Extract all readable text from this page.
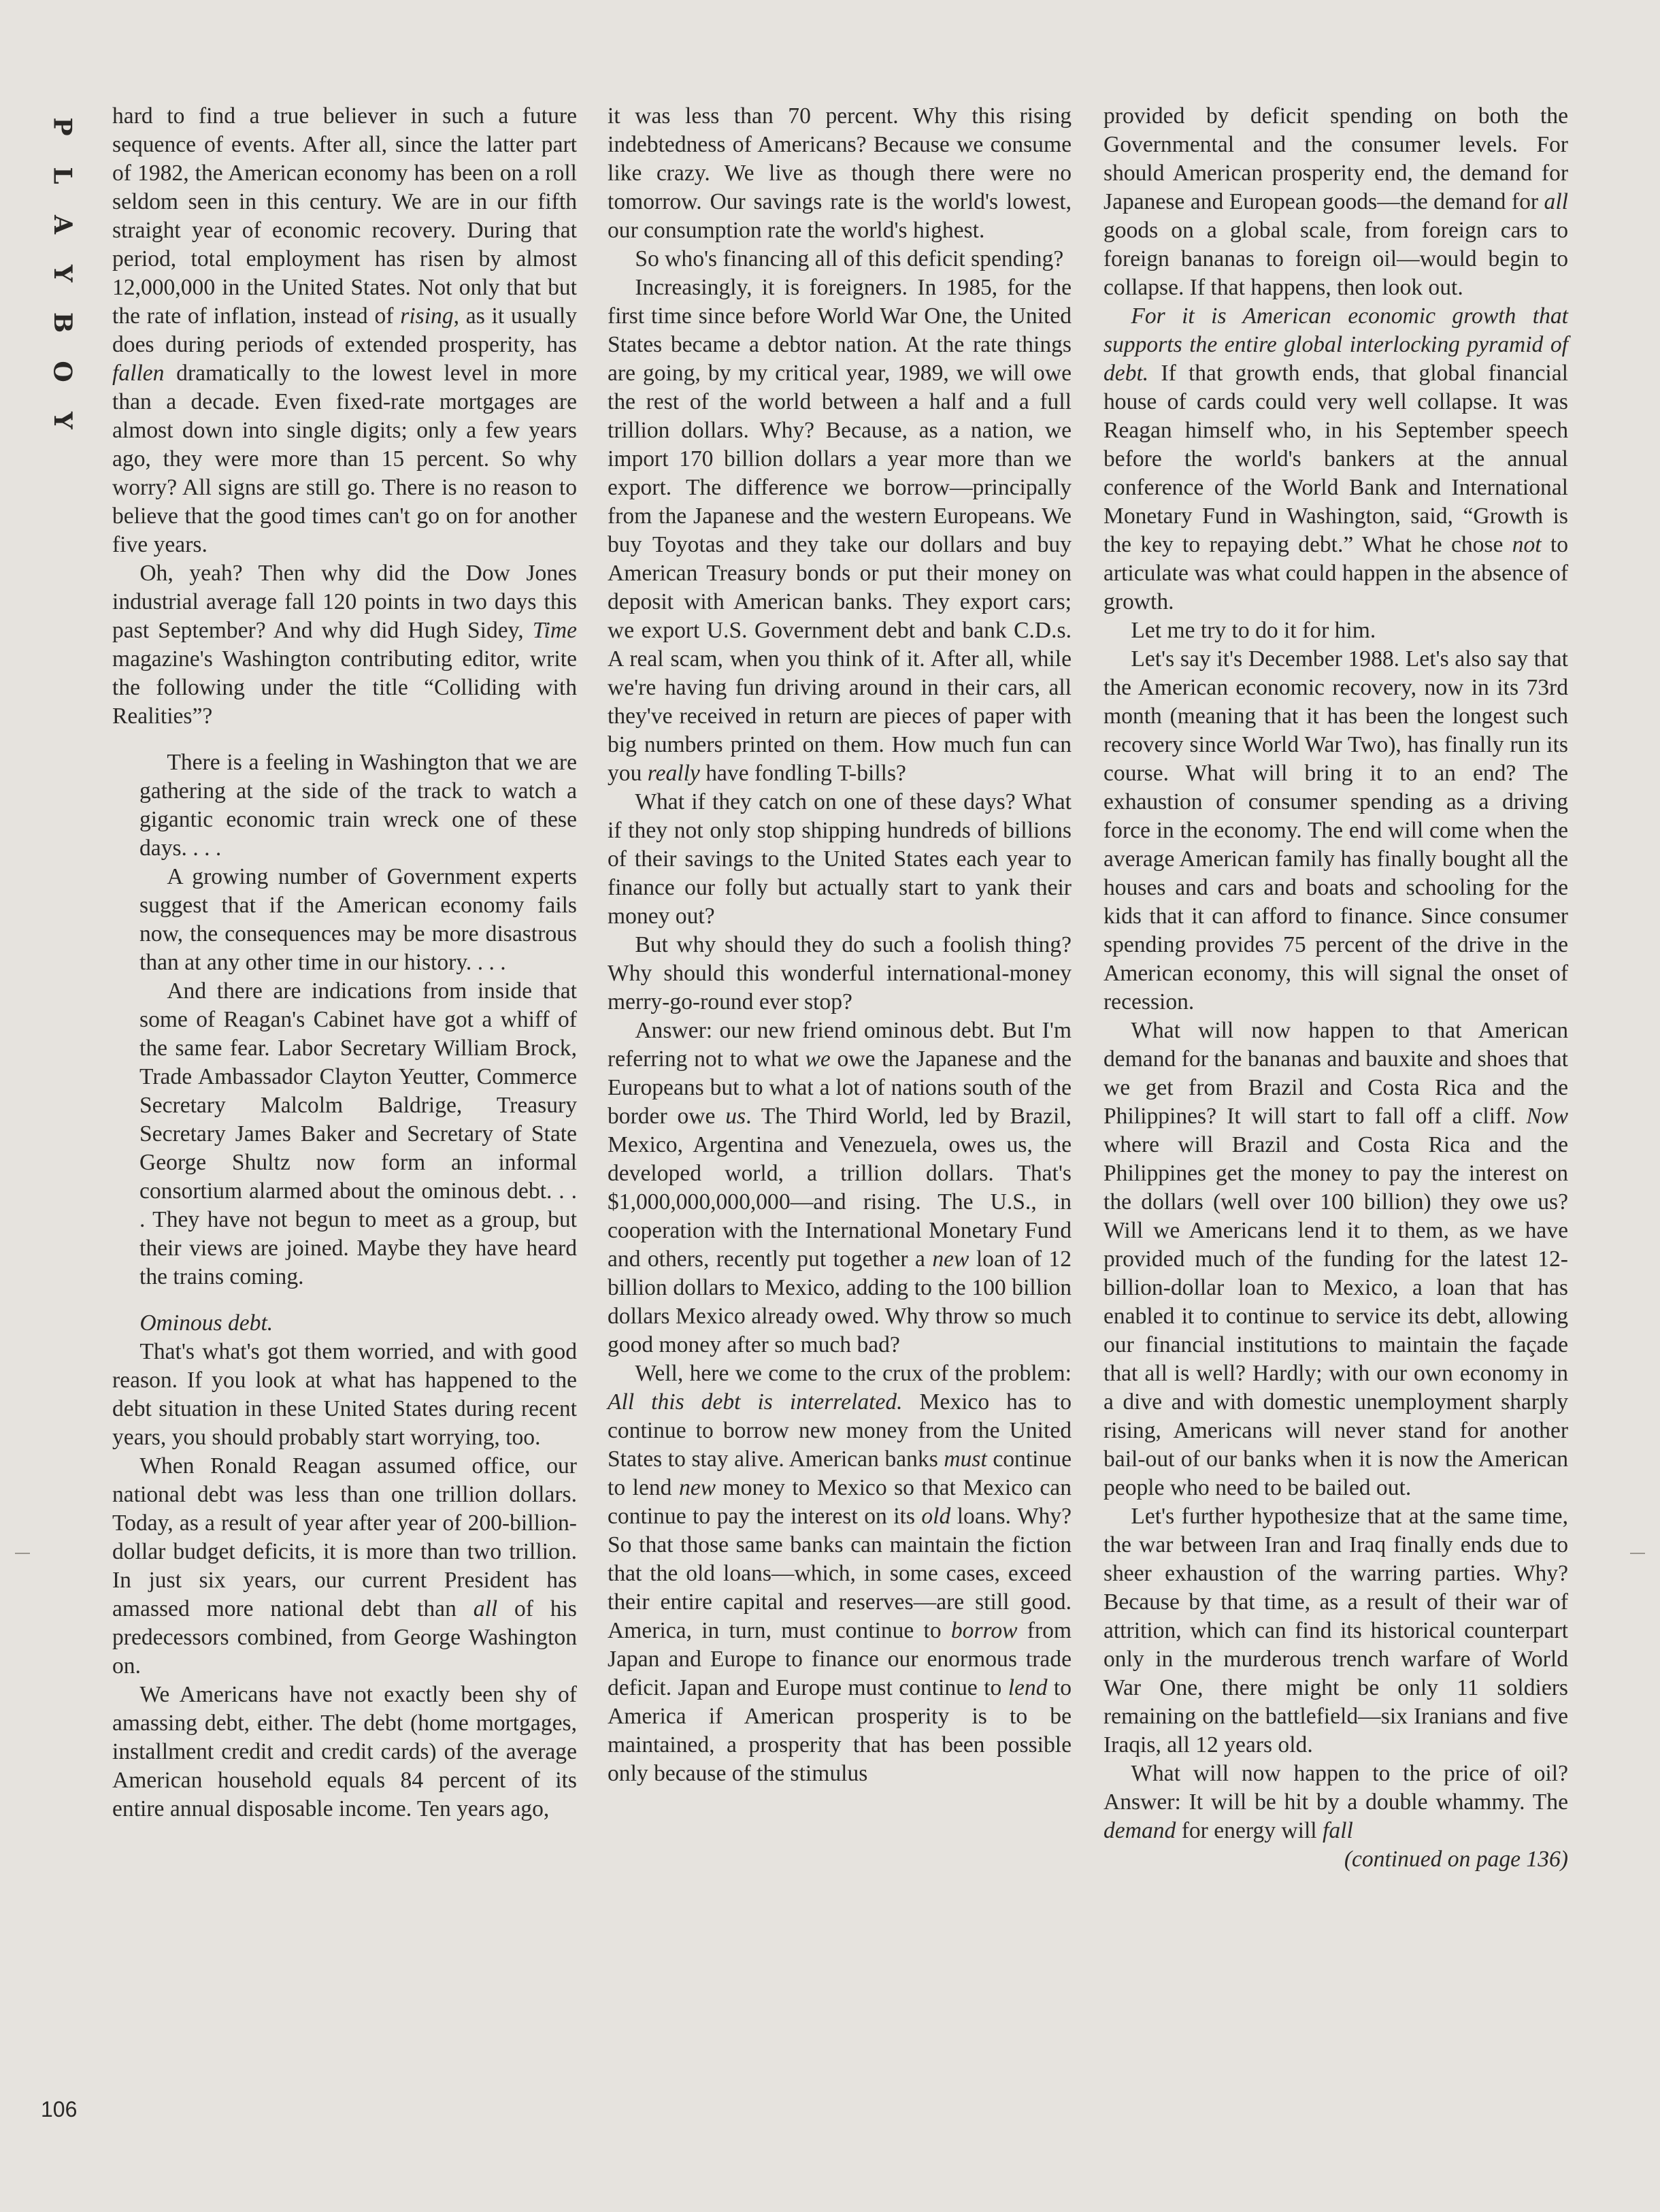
P
L
A
Y
B
O
Y

hard to find a true believer in such a future sequence of events. After all, since the latter part of 1982, the American economy has been on a roll seldom seen in this century. We are in our fifth straight year of economic recovery. During that period, total employment has risen by almost 12,000,000 in the United States. Not only that but the rate of inflation, instead of rising, as it usually does during periods of extended prosperity, has fallen dramatically to the lowest level in more than a decade. Even fixed-rate mortgages are almost down into single digits; only a few years ago, they were more than 15 percent. So why worry? All signs are still go. There is no reason to believe that the good times can't go on for another five years.

Oh, yeah? Then why did the Dow Jones industrial average fall 120 points in two days this past September? And why did Hugh Sidey, Time magazine's Washington contributing editor, write the following under the title “Colliding with Realities”?

There is a feeling in Washington that we are gathering at the side of the track to watch a gigantic economic train wreck one of these days. . . .

A growing number of Government experts suggest that if the American economy fails now, the consequences may be more disastrous than at any other time in our history. . . .

And there are indications from inside that some of Reagan's Cabinet have got a whiff of the same fear. Labor Secretary William Brock, Trade Ambassador Clayton Yeutter, Commerce Secretary Malcolm Baldrige, Treasury Secretary James Baker and Secretary of State George Shultz now form an informal consortium alarmed about the ominous debt. . . . They have not begun to meet as a group, but their views are joined. Maybe they have heard the trains coming.

Ominous debt.

That's what's got them worried, and with good reason. If you look at what has happened to the debt situation in these United States during recent years, you should probably start worrying, too.

When Ronald Reagan assumed office, our national debt was less than one trillion dollars. Today, as a result of year after year of 200-billion-dollar budget deficits, it is more than two trillion. In just six years, our current President has amassed more national debt than all of his predecessors combined, from George Washington on.

We Americans have not exactly been shy of amassing debt, either. The debt (home mortgages, installment credit and credit cards) of the average American household equals 84 percent of its entire annual disposable income. Ten years ago,

it was less than 70 percent. Why this rising indebtedness of Americans? Because we consume like crazy. We live as though there were no tomorrow. Our savings rate is the world's lowest, our consumption rate the world's highest.

So who's financing all of this deficit spending?

Increasingly, it is foreigners. In 1985, for the first time since before World War One, the United States became a debtor nation. At the rate things are going, by my critical year, 1989, we will owe the rest of the world between a half and a full trillion dollars. Why? Because, as a nation, we import 170 billion dollars a year more than we export. The difference we borrow—principally from the Japanese and the western Europeans. We buy Toyotas and they take our dollars and buy American Treasury bonds or put their money on deposit with American banks. They export cars; we export U.S. Government debt and bank C.D.s. A real scam, when you think of it. After all, while we're having fun driving around in their cars, all they've received in return are pieces of paper with big numbers printed on them. How much fun can you really have fondling T-bills?

What if they catch on one of these days? What if they not only stop shipping hundreds of billions of their savings to the United States each year to finance our folly but actually start to yank their money out?

But why should they do such a foolish thing? Why should this wonderful international-money merry-go-round ever stop?

Answer: our new friend ominous debt. But I'm referring not to what we owe the Japanese and the Europeans but to what a lot of nations south of the border owe us. The Third World, led by Brazil, Mexico, Argentina and Venezuela, owes us, the developed world, a trillion dollars. That's $1,000,000,000,000—and rising. The U.S., in cooperation with the International Monetary Fund and others, recently put together a new loan of 12 billion dollars to Mexico, adding to the 100 billion dollars Mexico already owed. Why throw so much good money after so much bad?

Well, here we come to the crux of the problem: All this debt is interrelated. Mexico has to continue to borrow new money from the United States to stay alive. American banks must continue to lend new money to Mexico so that Mexico can continue to pay the interest on its old loans. Why? So that those same banks can maintain the fiction that the old loans—which, in some cases, exceed their entire capital and reserves—are still good. America, in turn, must continue to borrow from Japan and Europe to finance our enormous trade deficit. Japan and Europe must continue to lend to America if American prosperity is to be maintained, a prosperity that has been possible only because of the stimulus

provided by deficit spending on both the Governmental and the consumer levels. For should American prosperity end, the demand for Japanese and European goods—the demand for all goods on a global scale, from foreign cars to foreign bananas to foreign oil—would begin to collapse. If that happens, then look out.

For it is American economic growth that supports the entire global interlocking pyramid of debt. If that growth ends, that global financial house of cards could very well collapse. It was Reagan himself who, in his September speech before the world's bankers at the annual conference of the World Bank and International Monetary Fund in Washington, said, “Growth is the key to repaying debt.” What he chose not to articulate was what could happen in the absence of growth.

Let me try to do it for him.

Let's say it's December 1988. Let's also say that the American economic recovery, now in its 73rd month (meaning that it has been the longest such recovery since World War Two), has finally run its course. What will bring it to an end? The exhaustion of consumer spending as a driving force in the economy. The end will come when the average American family has finally bought all the houses and cars and boats and schooling for the kids that it can afford to finance. Since consumer spending provides 75 percent of the drive in the American economy, this will signal the onset of recession.

What will now happen to that American demand for the bananas and bauxite and shoes that we get from Brazil and Costa Rica and the Philippines? It will start to fall off a cliff. Now where will Brazil and Costa Rica and the Philippines get the money to pay the interest on the dollars (well over 100 billion) they owe us? Will we Americans lend it to them, as we have provided much of the funding for the latest 12-billion-dollar loan to Mexico, a loan that has enabled it to continue to service its debt, allowing our financial institutions to maintain the façade that all is well? Hardly; with our own economy in a dive and with domestic unemployment sharply rising, Americans will never stand for another bail-out of our banks when it is now the American people who need to be bailed out.

Let's further hypothesize that at the same time, the war between Iran and Iraq finally ends due to sheer exhaustion of the warring parties. Why? Because by that time, as a result of their war of attrition, which can find its historical counterpart only in the murderous trench warfare of World War One, there might be only 11 soldiers remaining on the battlefield—six Iranians and five Iraqis, all 12 years old.

What will now happen to the price of oil? Answer: It will be hit by a double whammy. The demand for energy will fall

(continued on page 136)

106
